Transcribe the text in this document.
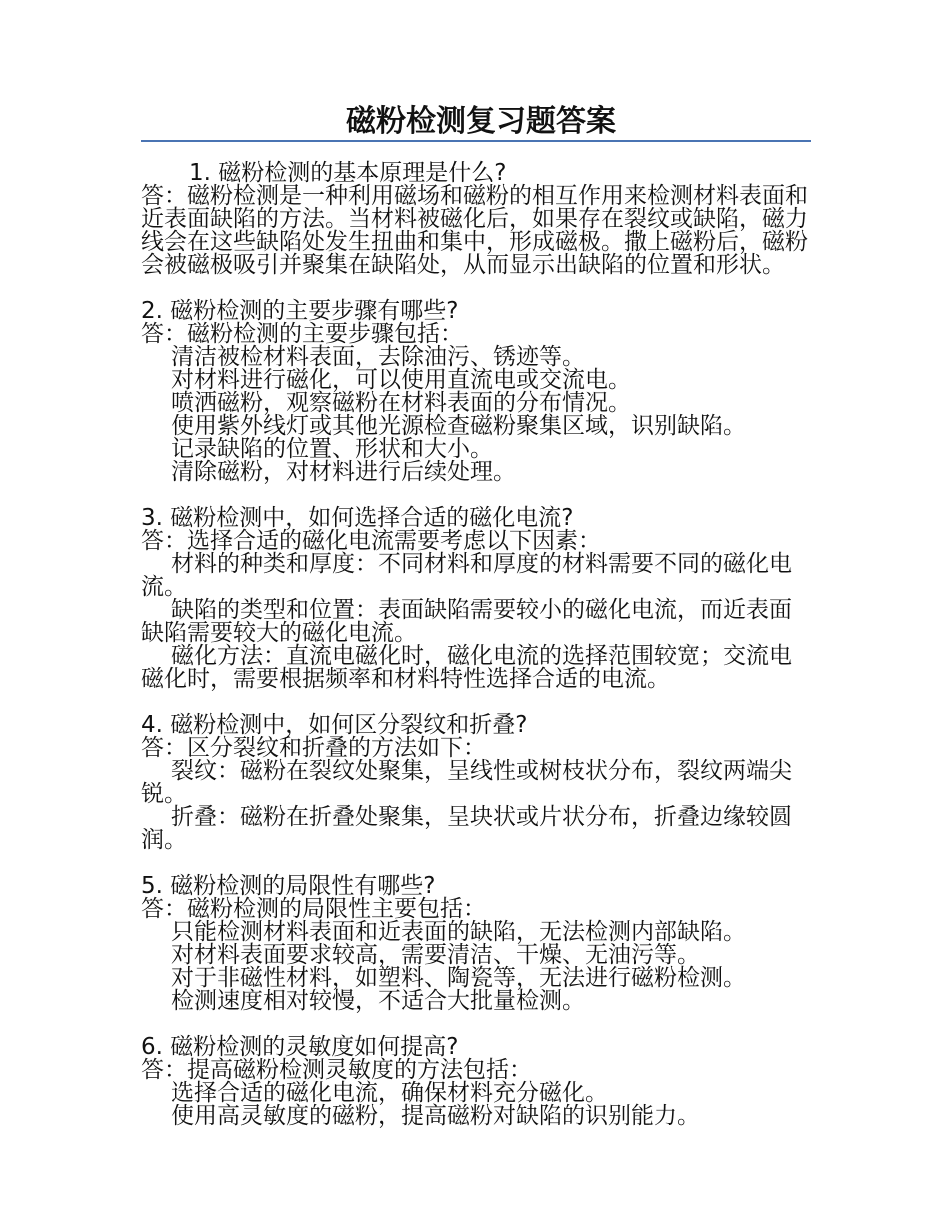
磁粉检测复习题答案
1. 磁粉检测的基本原理是什么?
答：磁粉检测是一种利用磁场和磁粉的相互作用来检测材料表面和近表面缺陷的方法。当材料被磁化后，如果存在裂纹或缺陷，磁力线会在这些缺陷处发生扭曲和集中，形成磁极。撒上磁粉后，磁粉会被磁极吸引并聚集在缺陷处，从而显示出缺陷的位置和形状。
2. 磁粉检测的主要步骤有哪些?
答：磁粉检测的主要步骤包括：
清洁被检材料表面，去除油污、锈迹等。
对材料进行磁化，可以使用直流电或交流电。
喷洒磁粉，观察磁粉在材料表面的分布情况。
使用紫外线灯或其他光源检查磁粉聚集区域，识别缺陷。
记录缺陷的位置、形状和大小。
清除磁粉，对材料进行后续处理。
3. 磁粉检测中，如何选择合适的磁化电流?
答：选择合适的磁化电流需要考虑以下因素：
材料的种类和厚度：不同材料和厚度的材料需要不同的磁化电流。
缺陷的类型和位置：表面缺陷需要较小的磁化电流，而近表面缺陷需要较大的磁化电流。
磁化方法：直流电磁化时，磁化电流的选择范围较宽；交流电磁化时，需要根据频率和材料特性选择合适的电流。
4. 磁粉检测中，如何区分裂纹和折叠?
答：区分裂纹和折叠的方法如下：
裂纹：磁粉在裂纹处聚集，呈线性或树枝状分布，裂纹两端尖锐。
折叠：磁粉在折叠处聚集，呈块状或片状分布，折叠边缘较圆润。
5. 磁粉检测的局限性有哪些?
答：磁粉检测的局限性主要包括：
只能检测材料表面和近表面的缺陷，无法检测内部缺陷。
对材料表面要求较高，需要清洁、干燥、无油污等。
对于非磁性材料，如塑料、陶瓷等，无法进行磁粉检测。
检测速度相对较慢，不适合大批量检测。
6. 磁粉检测的灵敏度如何提高?
答：提高磁粉检测灵敏度的方法包括：
选择合适的磁化电流，确保材料充分磁化。
使用高灵敏度的磁粉，提高磁粉对缺陷的识别能力。
